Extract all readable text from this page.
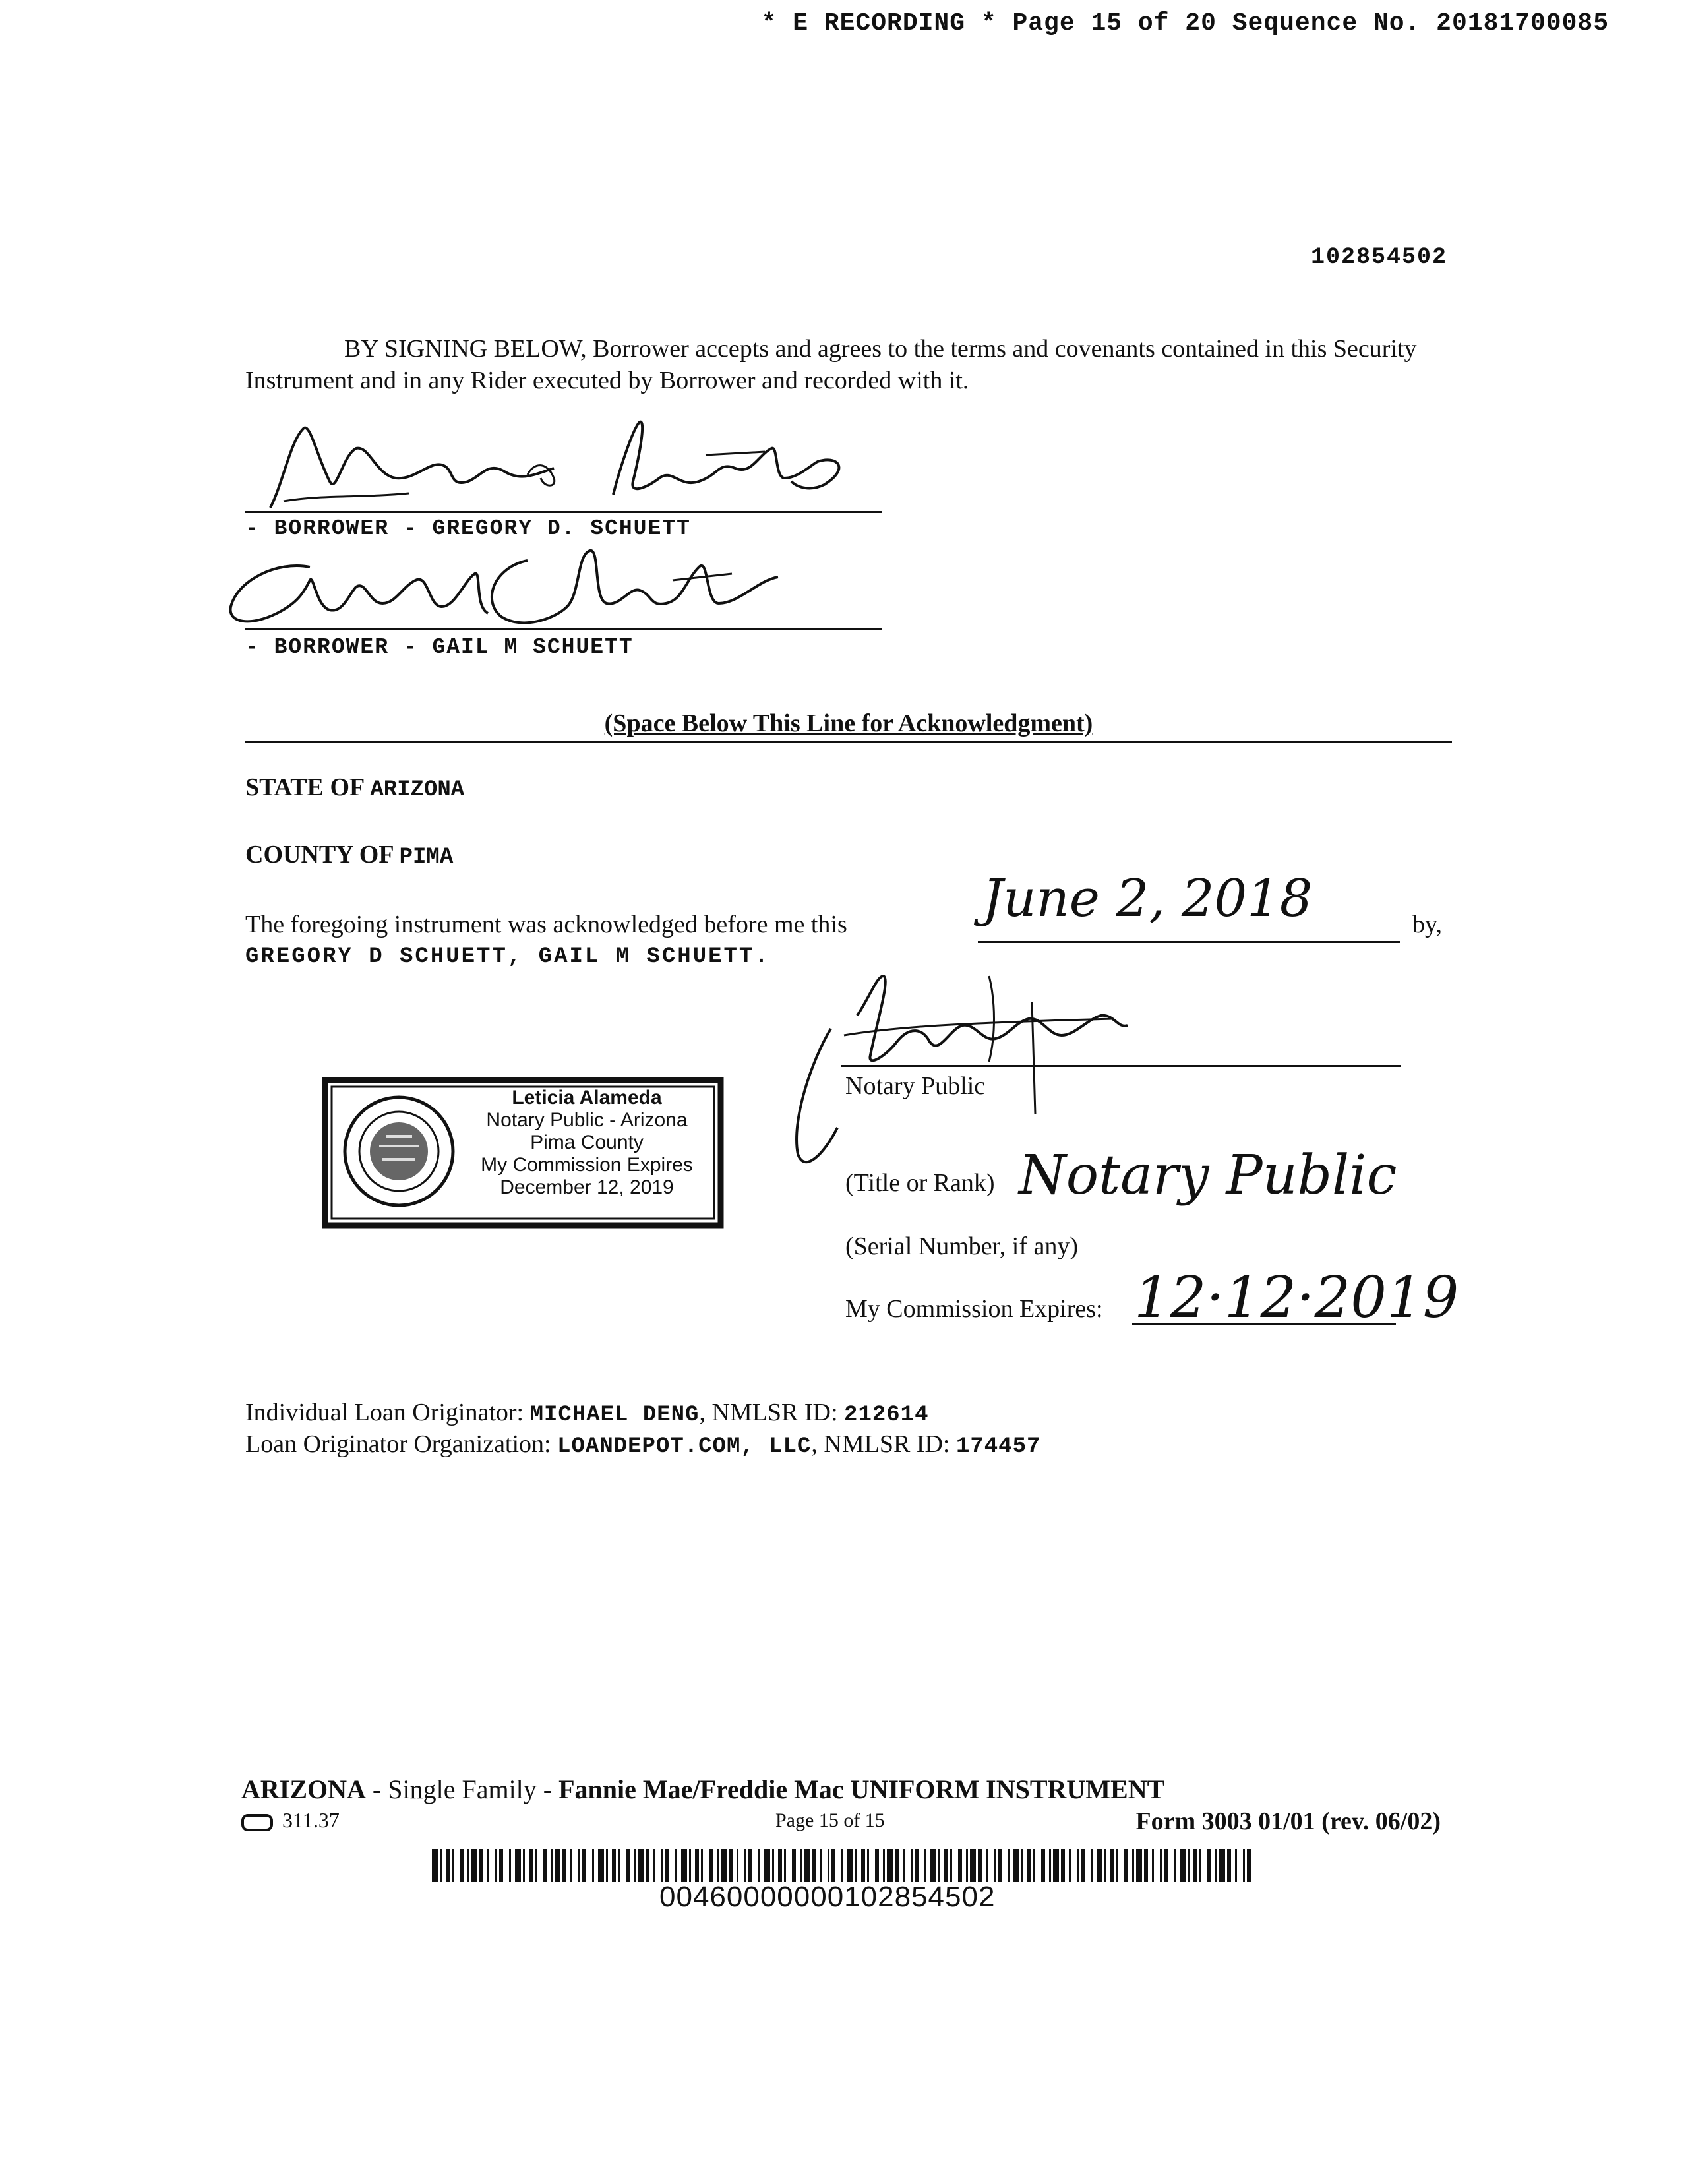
* E RECORDING * Page 15 of 20 Sequence No. 20181700085
102854502
BY SIGNING BELOW, Borrower accepts and agrees to the terms and covenants contained in this Security Instrument and in any Rider executed by Borrower and recorded with it.
- BORROWER - GREGORY D. SCHUETT
- BORROWER - GAIL M SCHUETT
(Space Below This Line for Acknowledgment)
STATE OF ARIZONA
COUNTY OF PIMA
The foregoing instrument was acknowledged before me this	June 2, 2018	by,
GREGORY D SCHUETT, GAIL M SCHUETT.
Notary Public
(Title or Rank) Notary Public
(Serial Number, if any)
My Commission Expires: 12·12·2019
Leticia Alameda
Notary Public - Arizona
Pima County
My Commission Expires
December 12, 2019
Individual Loan Originator: MICHAEL DENG, NMLSR ID: 212614
Loan Originator Organization: LOANDEPOT.COM, LLC, NMLSR ID: 174457
ARIZONA - Single Family - Fannie Mae/Freddie Mac UNIFORM INSTRUMENT
311.37	Page 15 of 15	Form 3003 01/01 (rev. 06/02)
00460000000102854502
